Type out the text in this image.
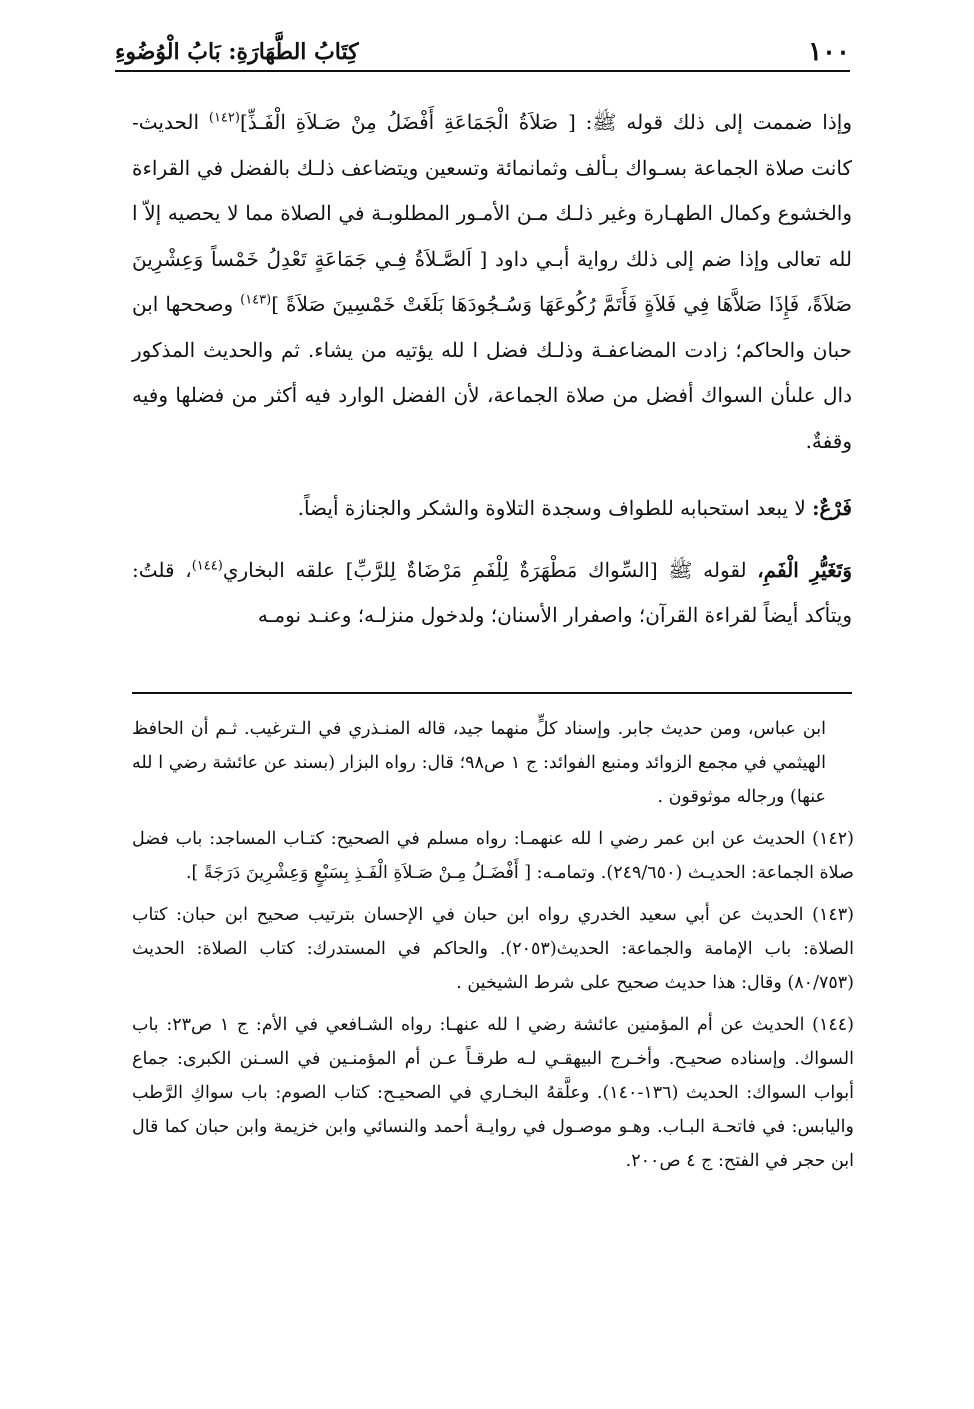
١٠٠
كِتَابُ الطَّهَارَةِ: بَابُ الْوُضُوءِ

وإذا ضممت إلى ذلك قوله ﷺ: [ صَلاَةُ الْجَمَاعَةِ أَفْضَلُ مِنْ صَـلاَةِ الْفَـذِّ]$^{(١٤٢)}$ الحديث- كانت صلاة الجماعة بسـواك بـألف وثمانمائة وتسعين ويتضاعف ذلـك بالفضل في القراءة والخشوع وكمال الطهـارة وغير ذلـك مـن الأمـور المطلوبـة في الصلاة مما لا يحصيه إلاّ ا لله تعالى وإذا ضم إلى ذلك رواية أبـي داود [ اَلصَّـلاَةُ فِـي جَمَاعَةٍ تَعْدِلُ خَمْساً وَعِشْرِينَ صَلاَةً، فَإِذَا صَلاَّهَا فِي فَلاَةٍ فَأَتَمَّ رُكُوعَهَا وَسُـجُودَهَا بَلَغَتْ خَمْسِينَ صَلاَةً ]$^{(١٤٣)}$ وصححها ابن حبان والحاكم؛ زادت المضاعفـة وذلـك فضل ا لله يؤتيه من يشاء. ثم والحديث المذكور دال علىأن السواك أفضل من صلاة الجماعة، لأن الفضل الوارد فيه أكثر من فضلها وفيه وقفةٌ.

فَرْعٌ: لا يبعد استحبابه للطواف وسجدة التلاوة والشكر والجنازة أيضاً.

وَتَغَيُّرِ الْفَمِ، لقوله ﷺ [السِّواك مَطْهَرَةٌ لِلْفَمِ مَرْضَاةٌ لِلرَّبِّ] علقه البخاري$^{(١٤٤)}$، قلتُ: ويتأكد أيضاً لقراءة القرآن؛ واصفرار الأسنان؛ ولدخول منزلـه؛ وعنـد نومـه

ابن عباس، ومن حديث جابر. وإسناد كلٍّ منهما جيد، قاله المنـذري في الـترغيب. ثـم أن الحافظ الهيثمي في مجمع الزوائد ومنبع الفوائد: ج ١ ص٩٨؛ قال: رواه البزار (بسند عن عائشة رضي ا لله عنها) ورجاله موثوقون .

(١٤٢) الحديث عن ابن عمر رضي ا لله عنهمـا: رواه مسلم في الصحيح: كتـاب المساجد: باب فضل صلاة الجماعة: الحديـث (٢٤٩/٦٥٠). وتمامـه: [ أَفْضَـلُ مِـنْ صَـلاَةِ الْفَـذِ بِسَبْعٍ وَعِشْرِينَ دَرَجَةً ].

(١٤٣) الحديث عن أبي سعيد الخدري رواه ابن حبان في الإحسان بترتيب صحيح ابن حبان: كتاب الصلاة: باب الإمامة والجماعة: الحديث(٢٠٥٣). والحاكم في المستدرك: كتاب الصلاة: الحديث (٨٠/٧٥٣) وقال: هذا حديث صحيح على شرط الشيخين .

(١٤٤) الحديث عن أم المؤمنين عائشة رضي ا لله عنهـا: رواه الشـافعي في الأم: ج ١ ص٢٣: باب السواك. وإسناده صحيـح. وأخـرج البيهقـي لـه طرقـاً عـن أم المؤمنـين في السـنن الكبرى: جماع أبواب السواك: الحديث (١٣٦-١٤٠). وعلَّقهُ البخـاري في الصحيـح: كتاب الصوم: باب سواكِ الرَّطب واليابس: في فاتحـة البـاب. وهـو موصـول في روايـة أحمد والنسائي وابن خزيمة وابن حبان كما قال ابن حجر في الفتح: ج ٤ ص٢٠٠.
